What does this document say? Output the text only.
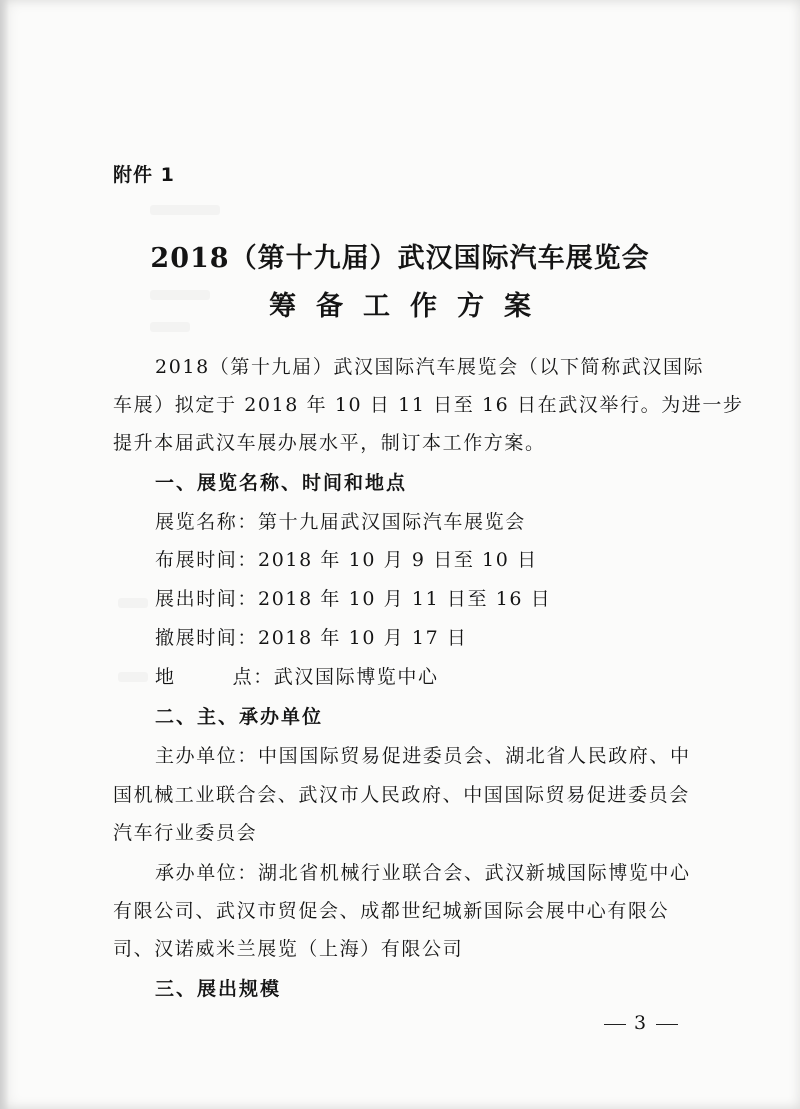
附件 1
2018（第十九届）武汉国际汽车展览会
筹备工作方案
2018（第十九届）武汉国际汽车展览会（以下简称武汉国际
车展）拟定于 2018 年 10 日 11 日至 16 日在武汉举行。为进一步
提升本届武汉车展办展水平，制订本工作方案。
一、展览名称、时间和地点
展览名称：第十九届武汉国际汽车展览会
布展时间：2018 年 10 月 9 日至 10 日
展出时间：2018 年 10 月 11 日至 16 日
撤展时间：2018 年 10 月 17 日
地	点：武汉国际博览中心
二、主、承办单位
主办单位：中国国际贸易促进委员会、湖北省人民政府、中
国机械工业联合会、武汉市人民政府、中国国际贸易促进委员会
汽车行业委员会
承办单位：湖北省机械行业联合会、武汉新城国际博览中心
有限公司、武汉市贸促会、成都世纪城新国际会展中心有限公
司、汉诺威米兰展览（上海）有限公司
三、展出规模
3
